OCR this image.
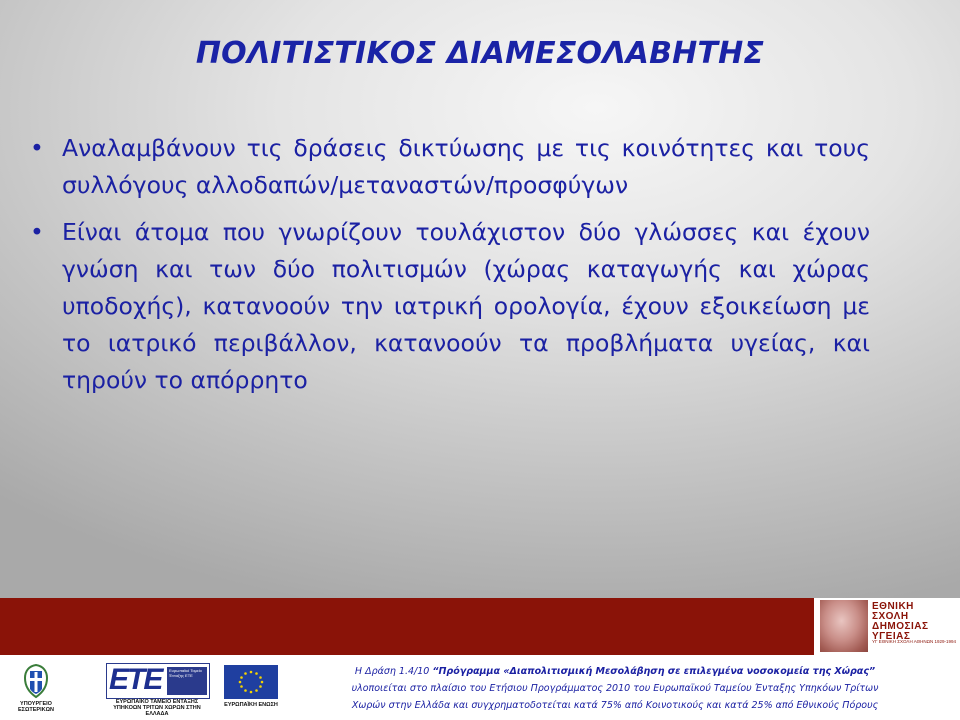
ΠΟΛΙΤΙΣΤΙΚΟΣ ΔΙΑΜΕΣΟΛΑΒΗΤΗΣ
• Αναλαμβάνουν τις δράσεις δικτύωσης με τις κοινότητες και τους συλλόγους αλλοδαπών/μεταναστών/προσφύγων
• Είναι άτομα που γνωρίζουν τουλάχιστον δύο γλώσσες και έχουν γνώση και των δύο πολιτισμών (χώρας καταγωγής και χώρας υποδοχής), κατανοούν την ιατρική ορολογία, έχουν εξοικείωση με το ιατρικό περιβάλλον, κατανοούν τα προβλήματα υγείας, και τηρούν το απόρρητο
ΕΘΝΙΚΗ
ΣΧΟΛΗ
ΔΗΜΟΣΙΑΣ
ΥΓΕΙΑΣ
ΥΓ ΕΘΝΙΚΗ ΣΧΟΛΗ ΑΘΗΝΩΝ 1929-1994
ΥΠΟΥΡΓΕΙΟ ΕΣΩΤΕΡΙΚΩΝ
ΕΤΕ	Ευρωπαϊκό Ταμείο Ένταξης ΕΤΕ
ΕΥΡΩΠΑΪΚΟ ΤΑΜΕΙΟ ΕΝΤΑΞΗΣ ΥΠΗΚΟΩΝ ΤΡΙΤΩΝ ΧΩΡΩΝ ΣΤΗΝ ΕΛΛΑΔΑ
ΕΥΡΩΠΑΪΚΗ ΕΝΩΣΗ
Η Δράση 1.4/10 “Πρόγραμμα «Διαπολιτισμική Μεσολάβηση σε επιλεγμένα νοσοκομεία της Χώρας”
υλοποιείται στο πλαίσιο του Ετήσιου Προγράμματος 2010 του Ευρωπαϊκού Ταμείου Ένταξης Υπηκόων Τρίτων
Χωρών στην Ελλάδα και συγχρηματοδοτείται κατά 75% από Κοινοτικούς και κατά 25% από Εθνικούς Πόρους
